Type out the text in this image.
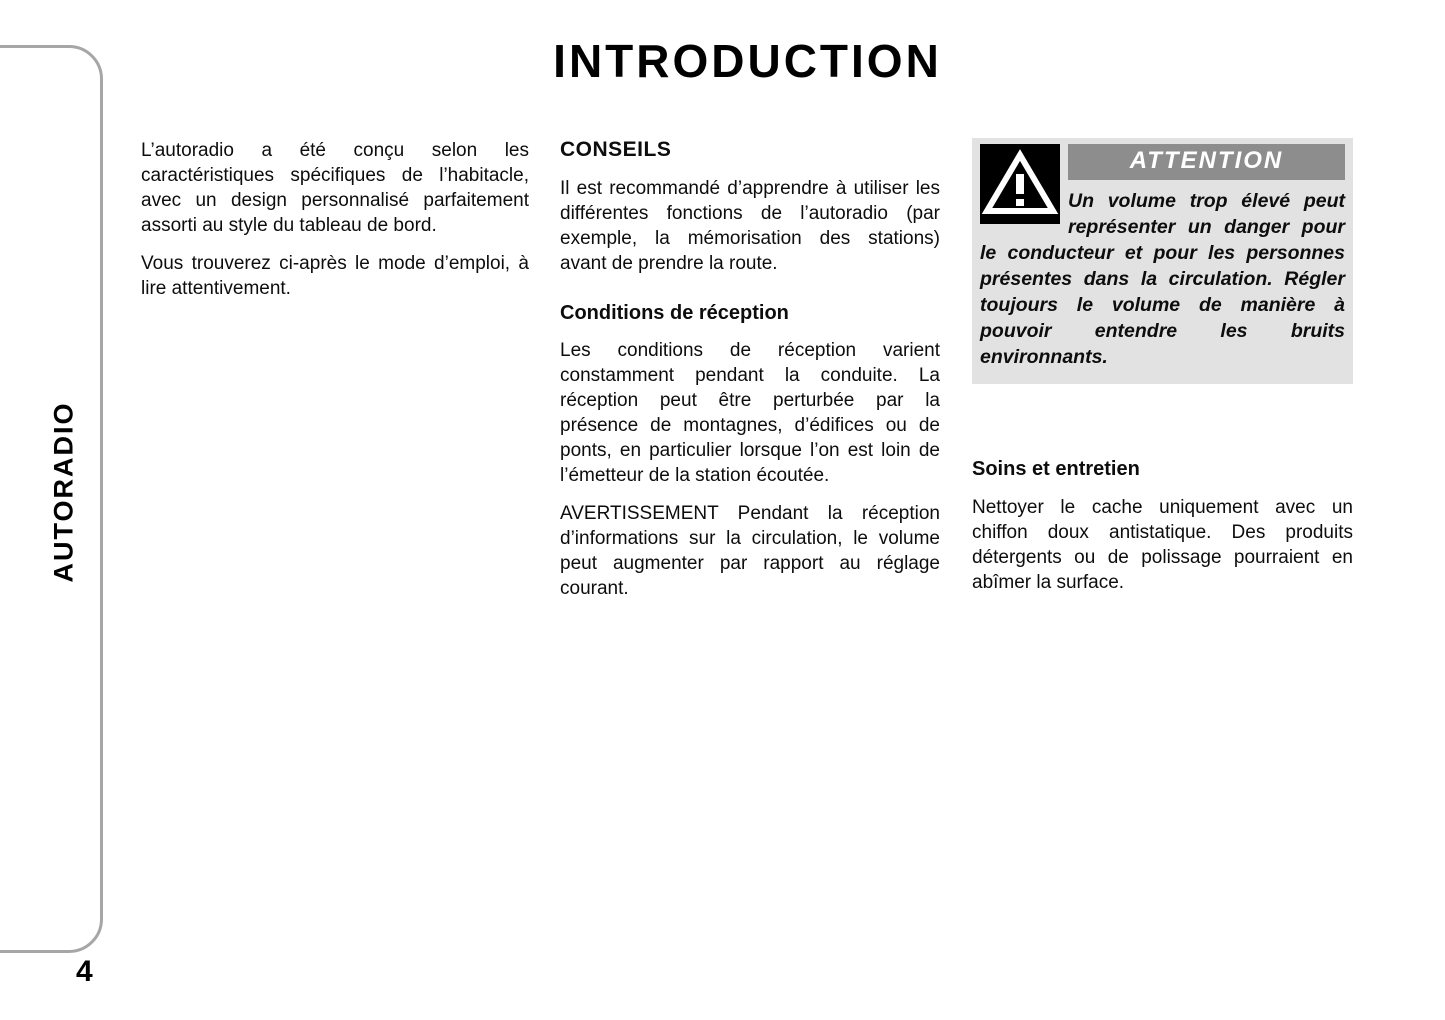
INTRODUCTION
AUTORADIO
4

L’autoradio a été conçu selon les caractéristiques spécifiques de l’habitacle, avec un design personnalisé parfaitement assorti au style du tableau de bord.

Vous trouverez ci-après le mode d’emploi, à lire attentivement.

CONSEILS

Il est recommandé d’apprendre à utiliser les différentes fonctions de l’autoradio (par exemple, la mémorisation des stations) avant de prendre la route.

Conditions de réception

Les conditions de réception varient constamment pendant la conduite. La réception peut être perturbée par la présence de montagnes, d’édifices ou de ponts, en particulier lorsque l’on est loin de l’émetteur de la station écoutée.

AVERTISSEMENT Pendant la réception d’informations sur la circulation, le volume peut augmenter par rapport au réglage courant.

ATTENTION
Un volume trop élevé peut représenter un danger pour le conducteur et pour les personnes présentes dans la circulation. Régler toujours le volume de manière à pouvoir entendre les bruits environnants.
Soins et entretien

Nettoyer le cache uniquement avec un chiffon doux antistatique. Des produits détergents ou de polissage pourraient en abîmer la surface.
